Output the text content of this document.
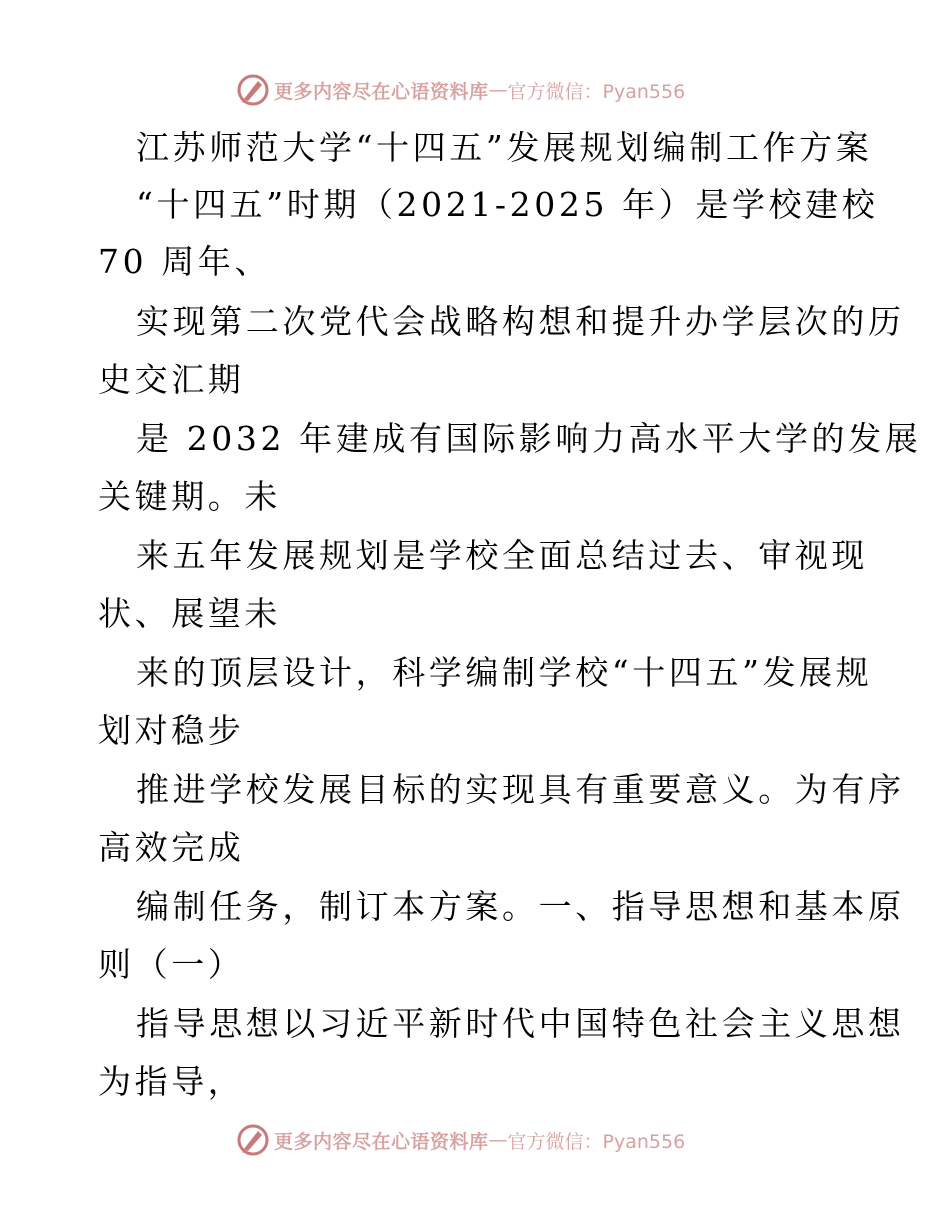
更多内容尽在心语资料库 — 官方微信：Pyan556
江苏师范大学“十四五”发展规划编制工作方案
“十四五”时期（2021-2025 年）是学校建校
70 周年、
实现第二次党代会战略构想和提升办学层次的历
史交汇期
是 2032 年建成有国际影响力高水平大学的发展
关键期。未
来五年发展规划是学校全面总结过去、审视现
状、展望未
来的顶层设计，科学编制学校“十四五”发展规
划对稳步
推进学校发展目标的实现具有重要意义。为有序
高效完成
编制任务，制订本方案。一、指导思想和基本原
则（一）
指导思想以习近平新时代中国特色社会主义思想
为指导，
更多内容尽在心语资料库 — 官方微信：Pyan556
